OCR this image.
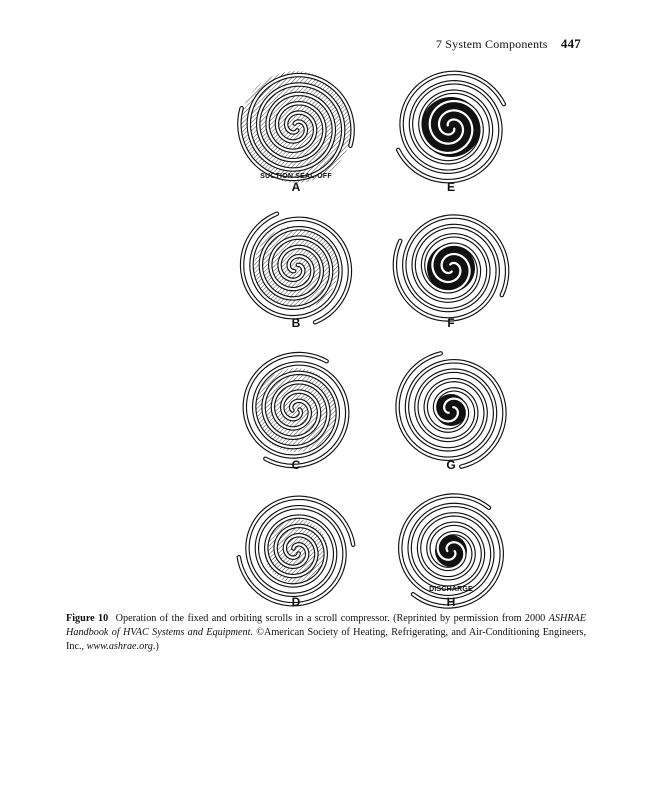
7 System Components 447
SUCTION SEAL-OFF
A	E
B	F
C	G
D
DISCHARGE
H
Figure 10 Operation of the fixed and orbiting scrolls in a scroll compressor. (Reprinted by permission from 2000 ASHRAE Handbook of HVAC Systems and Equipment. ©American Society of Heating, Refrigerating, and Air-Conditioning Engineers, Inc., www.ashrae.org.)
